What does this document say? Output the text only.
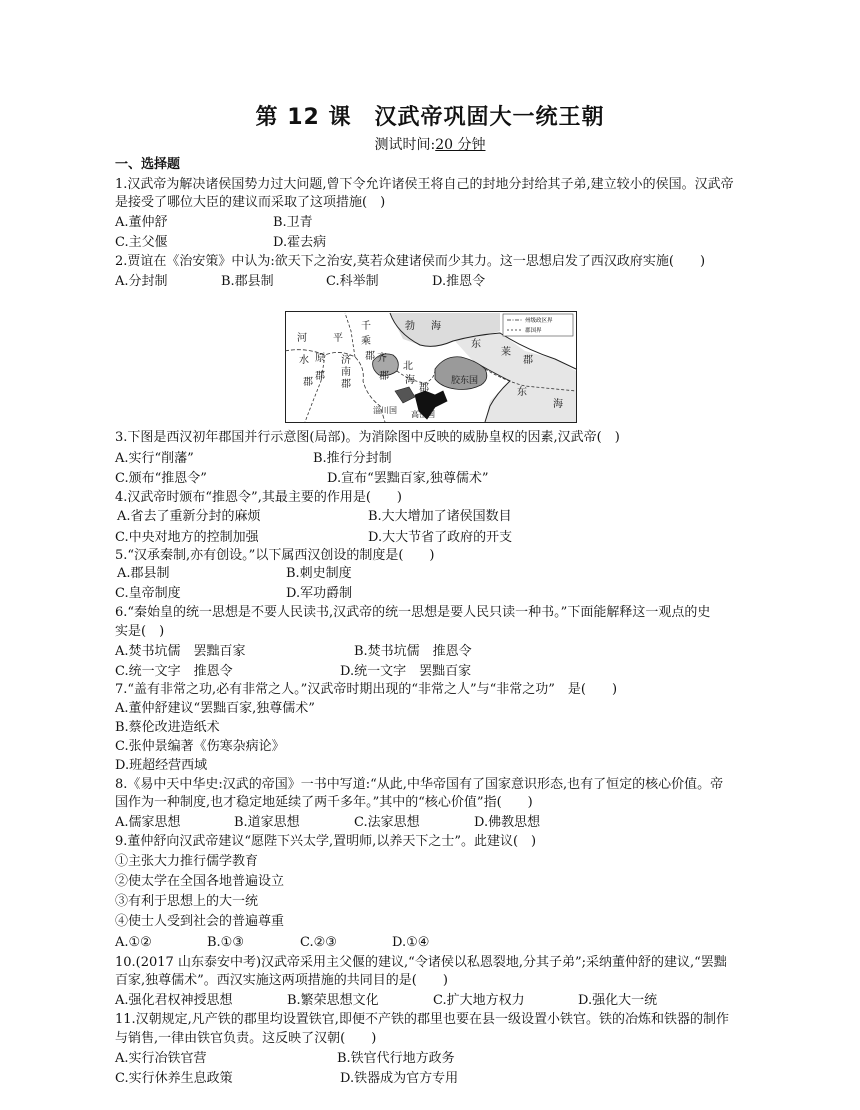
第 12 课　汉武帝巩固大一统王朝
测试时间:20 分钟
一、选择题
1.汉武帝为解决诸侯国势力过大问题,曾下令允许诸侯王将自己的封地分封给其子弟,建立较小的侯国。汉武帝
是接受了哪位大臣的建议而采取了这项措施(　)
A.董仲舒	B.卫青
C.主父偃	D.霍去病
2.贾谊在《治安策》中认为:欲天下之治安,莫若众建诸侯而少其力。这一思想启发了西汉政府实施(　　)
A.分封制	B.郡县制	C.科举制	D.推恩令
州级政区界
郡国界
河
水
郡
平
原
郡
千
乘
郡
济
南
郡
齐
郡
北
海
郡
淄川国 高密国
胶东国
勃 海
东
莱
郡
东
海
3.下图是西汉初年郡国并行示意图(局部)。为消除图中反映的威胁皇权的因素,汉武帝(　)
A.实行“削藩”	B.推行分封制
C.颁布“推恩令”	D.宣布“罢黜百家,独尊儒术”
4.汉武帝时颁布“推恩令”,其最主要的作用是(　　)
A.省去了重新分封的麻烦	B.大大增加了诸侯国数目
C.中央对地方的控制加强	D.大大节省了政府的开支
5.“汉承秦制,亦有创设。”以下属西汉创设的制度是(　　)
A.郡县制	B.刺史制度
C.皇帝制度	D.军功爵制
6.“秦始皇的统一思想是不要人民读书,汉武帝的统一思想是要人民只读一种书。”下面能解释这一观点的史
实是(　)
A.焚书坑儒　罢黜百家	B.焚书坑儒　推恩令
C.统一文字　推恩令	D.统一文字　罢黜百家
7.“盖有非常之功,必有非常之人。”汉武帝时期出现的“非常之人”与“非常之功”　是(　　)
A.董仲舒建议“罢黜百家,独尊儒术”
B.蔡伦改进造纸术
C.张仲景编著《伤寒杂病论》
D.班超经营西域
8.《易中天中华史:汉武的帝国》一书中写道:“从此,中华帝国有了国家意识形态,也有了恒定的核心价值。帝
国作为一种制度,也才稳定地延续了两千多年。”其中的“核心价值”指(　　)
A.儒家思想	B.道家思想	C.法家思想	D.佛教思想
9.董仲舒向汉武帝建议“愿陛下兴太学,置明师,以养天下之士”。此建议(　)
①主张大力推行儒学教育
②使太学在全国各地普遍设立
③有利于思想上的大一统
④使士人受到社会的普遍尊重
A.①②	B.①③	C.②③	D.①④
10.(2017 山东泰安中考)汉武帝采用主父偃的建议,“令诸侯以私恩裂地,分其子弟”;采纳董仲舒的建议,“罢黜
百家,独尊儒术”。西汉实施这两项措施的共同目的是(　　)
A.强化君权神授思想	B.繁荣思想文化	C.扩大地方权力	D.强化大一统
11.汉朝规定,凡产铁的郡里均设置铁官,即便不产铁的郡里也要在县一级设置小铁官。铁的冶炼和铁器的制作
与销售,一律由铁官负责。这反映了汉朝(　　)
A.实行冶铁官营	B.铁官代行地方政务
C.实行休养生息政策	D.铁器成为官方专用
